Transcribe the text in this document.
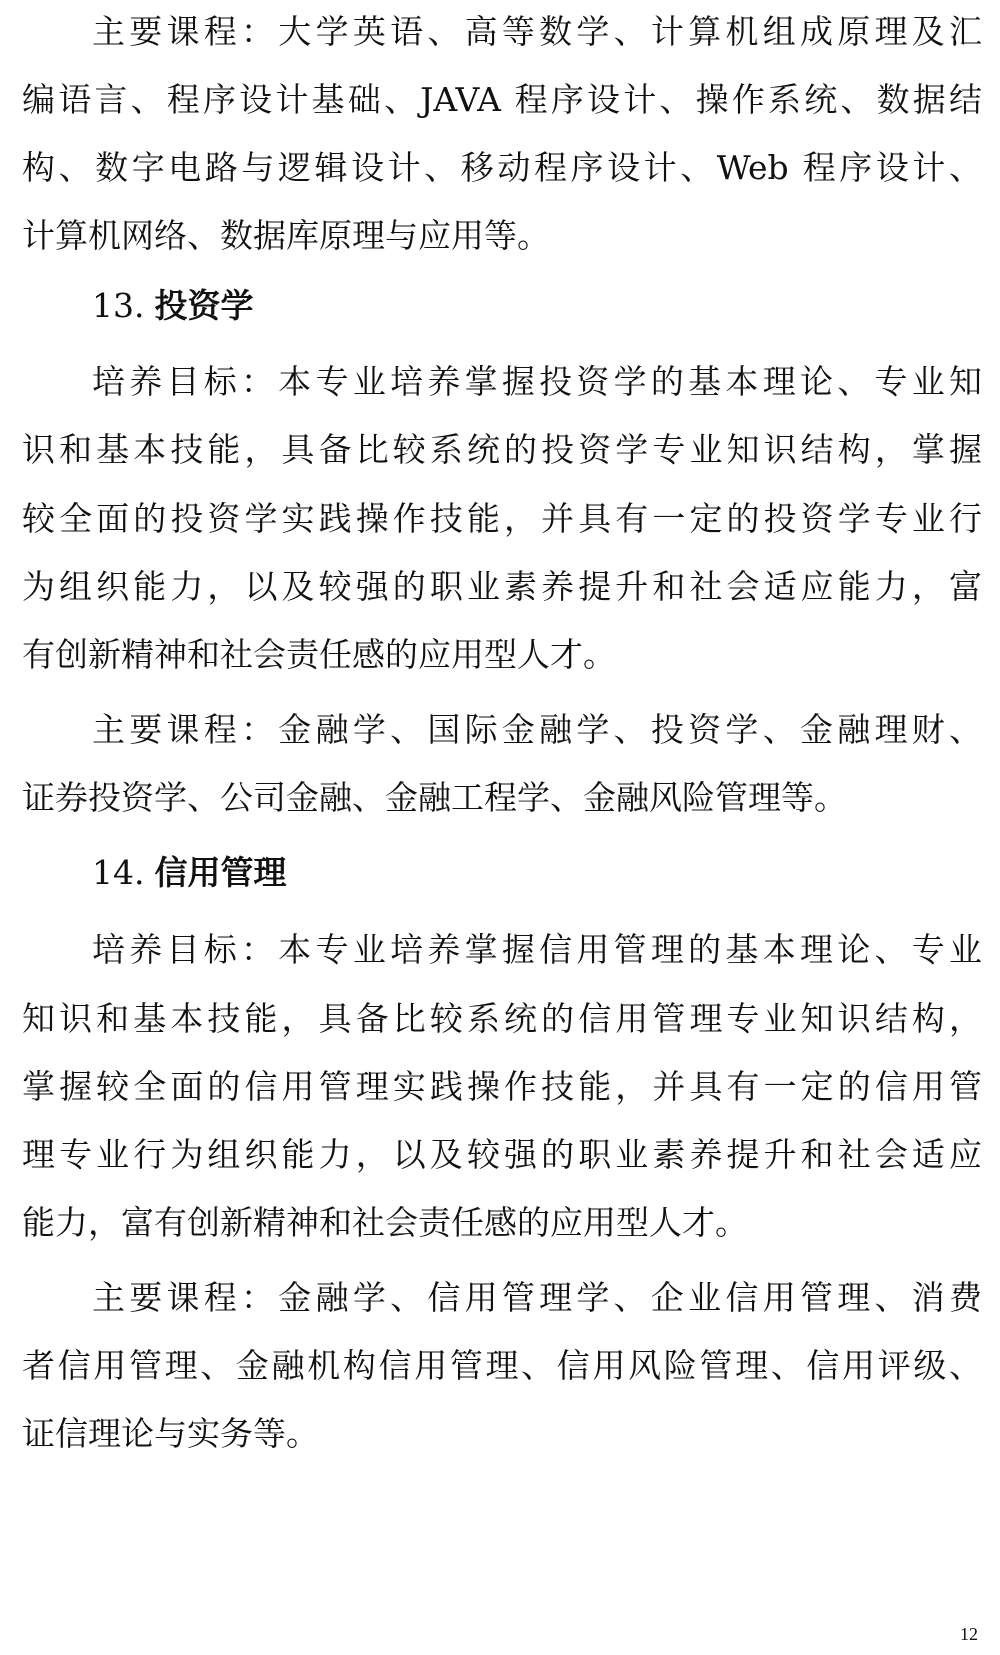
主要课程：大学英语、高等数学、计算机组成原理及汇
编语言、程序设计基础、JAVA 程序设计、操作系统、数据结
构、数字电路与逻辑设计、移动程序设计、Web 程序设计、
计算机网络、数据库原理与应用等。
13. 投资学
培养目标：本专业培养掌握投资学的基本理论、专业知
识和基本技能，具备比较系统的投资学专业知识结构，掌握
较全面的投资学实践操作技能，并具有一定的投资学专业行
为组织能力，以及较强的职业素养提升和社会适应能力，富
有创新精神和社会责任感的应用型人才。
主要课程：金融学、国际金融学、投资学、金融理财、
证券投资学、公司金融、金融工程学、金融风险管理等。
14. 信用管理
培养目标：本专业培养掌握信用管理的基本理论、专业
知识和基本技能，具备比较系统的信用管理专业知识结构，
掌握较全面的信用管理实践操作技能，并具有一定的信用管
理专业行为组织能力，以及较强的职业素养提升和社会适应
能力，富有创新精神和社会责任感的应用型人才。
主要课程：金融学、信用管理学、企业信用管理、消费
者信用管理、金融机构信用管理、信用风险管理、信用评级、
证信理论与实务等。
12
